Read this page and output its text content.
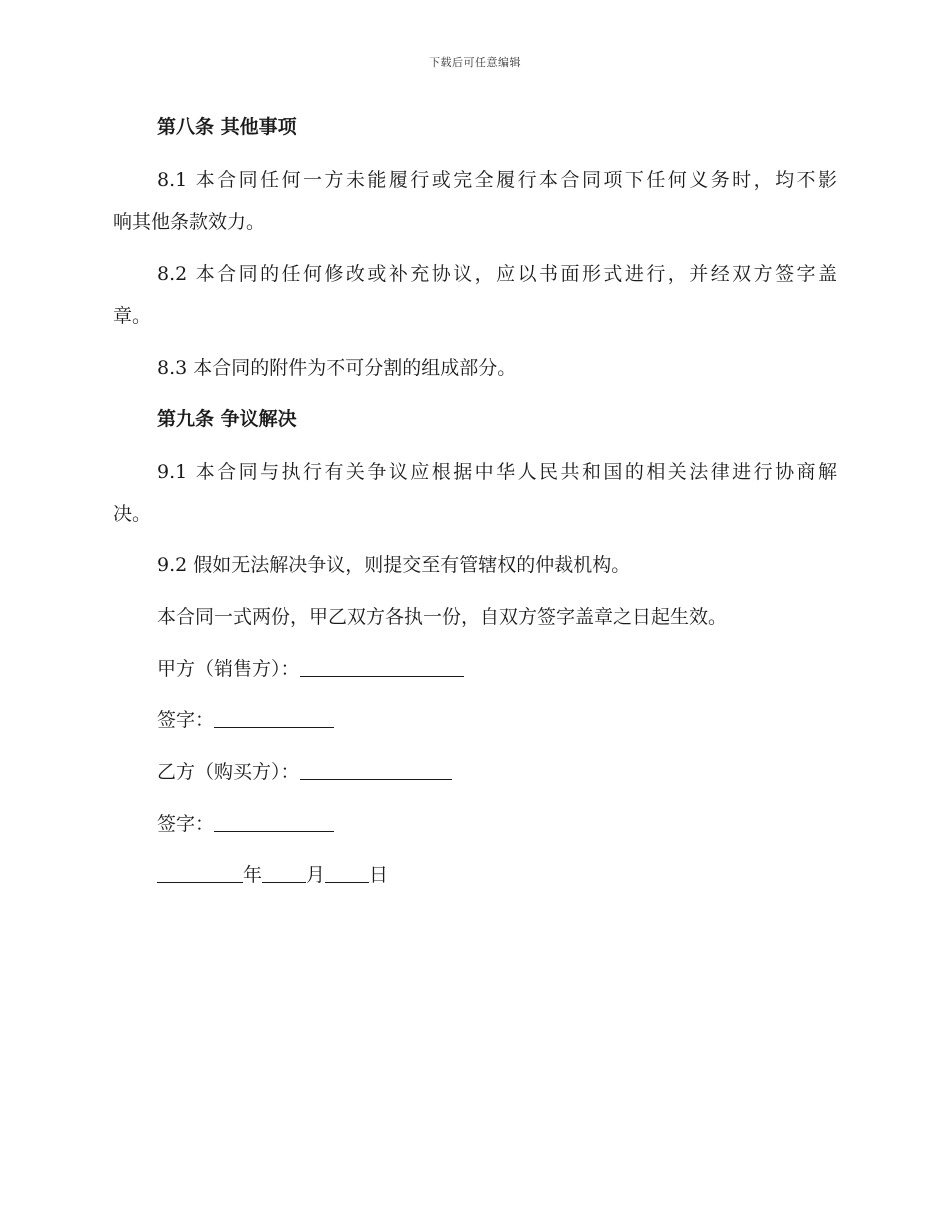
下载后可任意编辑
第八条 其他事项
8.1 本合同任何一方未能履行或完全履行本合同项下任何义务时，均不影
响其他条款效力。
8.2 本合同的任何修改或补充协议，应以书面形式进行，并经双方签字盖
章。
8.3 本合同的附件为不可分割的组成部分。
第九条 争议解决
9.1 本合同与执行有关争议应根据中华人民共和国的相关法律进行协商解
决。
9.2 假如无法解决争议，则提交至有管辖权的仲裁机构。
本合同一式两份，甲乙双方各执一份，自双方签字盖章之日起生效。
甲方（销售方）：
签字：
乙方（购买方）：
签字：
年 月 日
